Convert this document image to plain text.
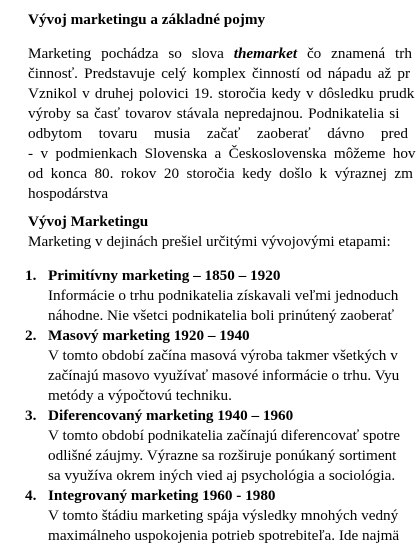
Vývoj marketingu a základné pojmy
Marketing pochádza so slova themarket čo znamená trh
činnosť. Predstavuje celý komplex činností od nápadu až pr
Vznikol v druhej polovici 19. storočia kedy v dôsledku prudk
výroby sa časť tovarov stávala nepredajnou. Podnikatelia si
odbytom tovaru musia začať zaoberať dávno pred
- v podmienkach Slovenska a Československa môžeme hov
od konca 80. rokov 20 storočia kedy došlo k výraznej zm
hospodárstva
Vývoj Marketingu
Marketing v dejinách prešiel určitými vývojovými etapami:
1. Primitívny marketing – 1850 – 1920
Informácie o trhu podnikatelia získavali veľmi jednoduch
náhodne. Nie všetci podnikatelia boli prinútený zaoberať
2. Masový marketing 1920 – 1940
V tomto období začína masová výroba takmer všetkých v
začínajú masovo využívať masové informácie o trhu. Vyu
metódy a výpočtovú techniku.
3. Diferencovaný marketing 1940 – 1960
V tomto období podnikatelia začínajú diferencovať spotre
odlišné záujmy. Výrazne sa rozširuje ponúkaný sortiment
sa využíva okrem iných vied aj psychológia a sociológia.
4. Integrovaný marketing 1960 - 1980
V tomto štádiu marketing spája výsledky mnohých vedný
maximálneho uspokojenia potrieb spotrebiteľa. Ide najmä
